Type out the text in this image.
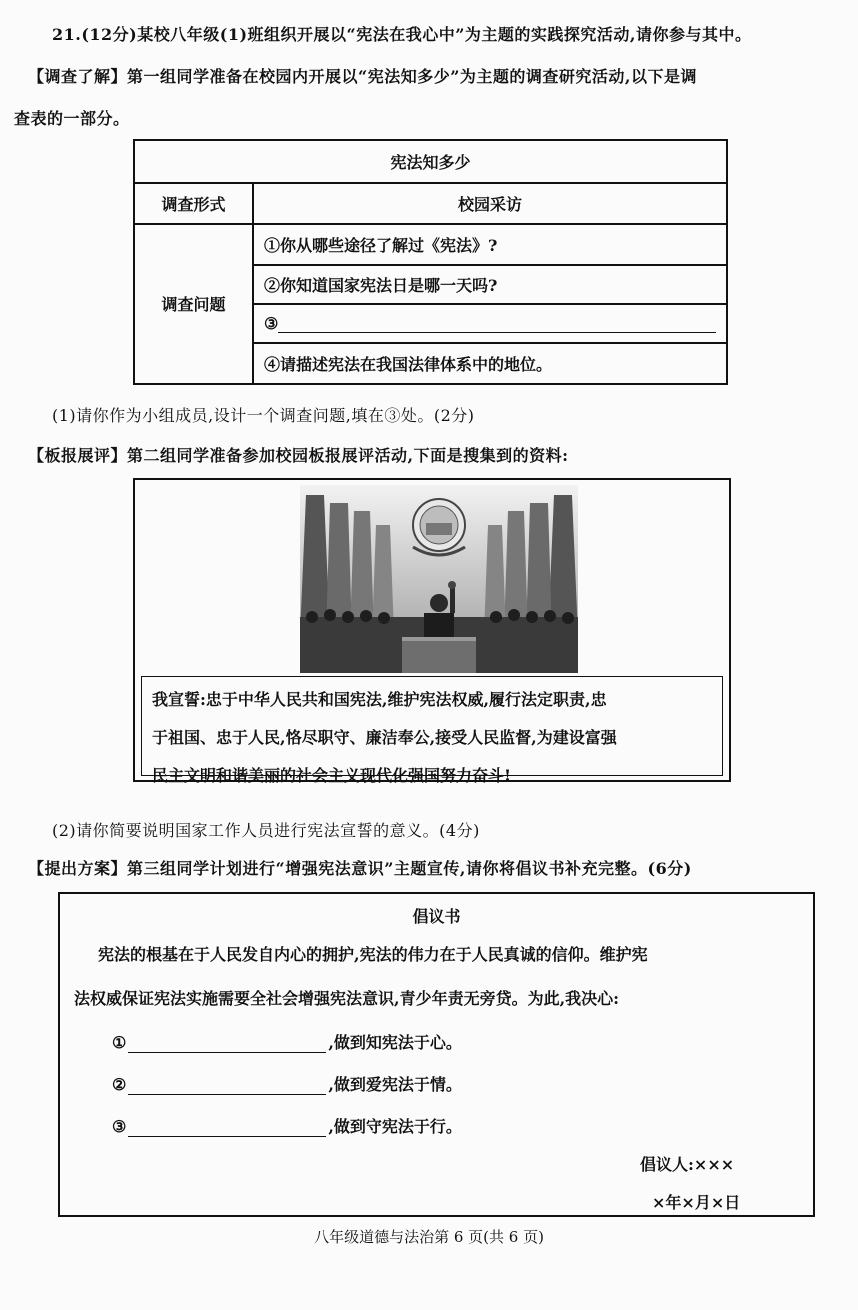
21.(12分)某校八年级(1)班组织开展以“宪法在我心中”为主题的实践探究活动,请你参与其中。
【调查了解】第一组同学准备在校园内开展以“宪法知多少”为主题的调查研究活动,以下是调
查表的一部分。
宪法知多少
调查形式	校园采访
调查问题
①你从哪些途径了解过《宪法》?
②你知道国家宪法日是哪一天吗?
③
④请描述宪法在我国法律体系中的地位。
(1)请你作为小组成员,设计一个调查问题,填在③处。(2分)
【板报展评】第二组同学准备参加校园板报展评活动,下面是搜集到的资料:
我宣誓:忠于中华人民共和国宪法,维护宪法权威,履行法定职责,忠
于祖国、忠于人民,恪尽职守、廉洁奉公,接受人民监督,为建设富强
民主文明和谐美丽的社会主义现代化强国努力奋斗!
(2)请你简要说明国家工作人员进行宪法宣誓的意义。(4分)
【提出方案】第三组同学计划进行“增强宪法意识”主题宣传,请你将倡议书补充完整。(6分)
倡议书
宪法的根基在于人民发自内心的拥护,宪法的伟力在于人民真诚的信仰。维护宪
法权威保证宪法实施需要全社会增强宪法意识,青少年责无旁贷。为此,我决心:
①	,做到知宪法于心。
②	,做到爱宪法于情。
③	,做到守宪法于行。
倡议人:×××
×年×月×日
八年级道德与法治第 6 页(共 6 页)
